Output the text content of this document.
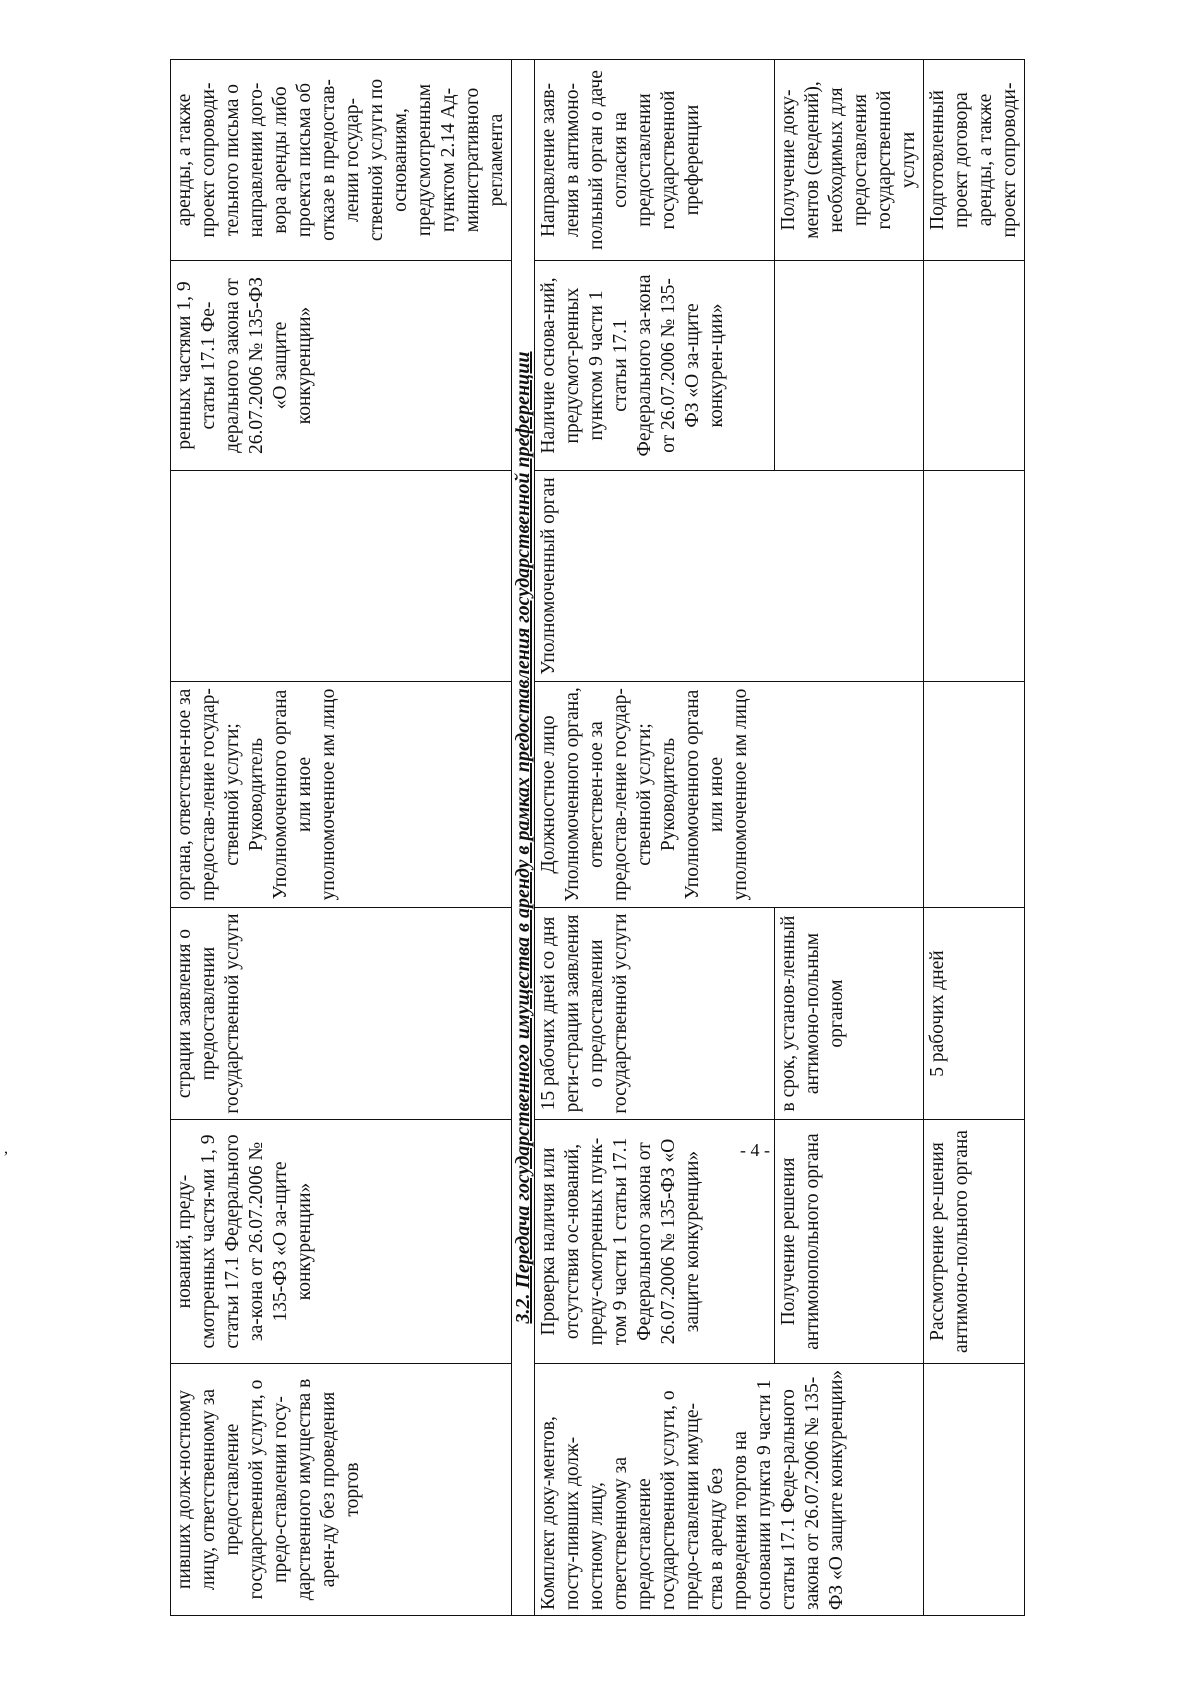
пивших долж-ностному лицу, ответственному за предоставление государственной услуги, о предо-ставлении госу-дарственного имущества в арен-ду без проведения торгов	нований, преду-смотренных частя-ми 1, 9 статьи 17.1 Федерального за-кона от 26.07.2006 № 135-ФЗ «О за-щите конкуренции»	страции заявления о предоставлении государственной услуги	органа, ответствен-ное за предостав-ление государ-ственной услуги; Руководитель Уполномоченного органа или иное уполномоченное им лицо		ренных частями 1, 9 статьи 17.1 Фе-дерального закона от 26.07.2006 № 135-ФЗ «О защите конкуренции»	аренды, а также проект сопроводи-тельного письма о направлении дого-вора аренды либо проекта письма об отказе в предостав-лении государ-ственной услуги по основаниям, предусмотренным пунктом 2.14 Ад-министративного регламента
3.2. Передача государственного имущества в аренду в рамках предоставления государственной преференции						
Комплект доку-ментов, посту-пивших долж-ностному лицу, ответственному за предоставление государственной услуги, о предо-ставлении имуще-ства в аренду без проведения торгов на основании пункта 9 части 1 статьи 17.1 Феде-рального закона от 26.07.2006 № 135-ФЗ «О защите конкуренции»	Проверка наличия или отсутствия ос-нований, преду-смотренных пунк-том 9 части 1 статьи 17.1 Федерального закона от 26.07.2006 № 135-ФЗ «О защите конкуренции»	15 рабочих дней со дня реги-страции заявления о предоставлении государственной услуги	Должностное лицо Уполномоченного органа, ответствен-ное за предостав-ление государ-ственной услуги; Руководитель Уполномоченного органа или иное уполномоченное им лицо	Уполномоченный орган	Наличие основа-ний, предусмот-ренных пунктом 9 части 1 статьи 17.1 Федерального за-кона от 26.07.2006 № 135-ФЗ «О за-щите конкурен-ции»	Направление заяв-ления в антимоно-польный орган о даче согласия на предоставлении государственной преференции
	Получение решения антимонопольного органа	в срок, установ-ленный антимоно-польным органом				Получение доку-ментов (сведений), необходимых для предоставления государственной услуги
	Рассмотрение ре-шения антимоно-польного органа	5 рабочих дней				Подготовленный проект договора аренды, а также проект сопроводи-
- 4 -
,
